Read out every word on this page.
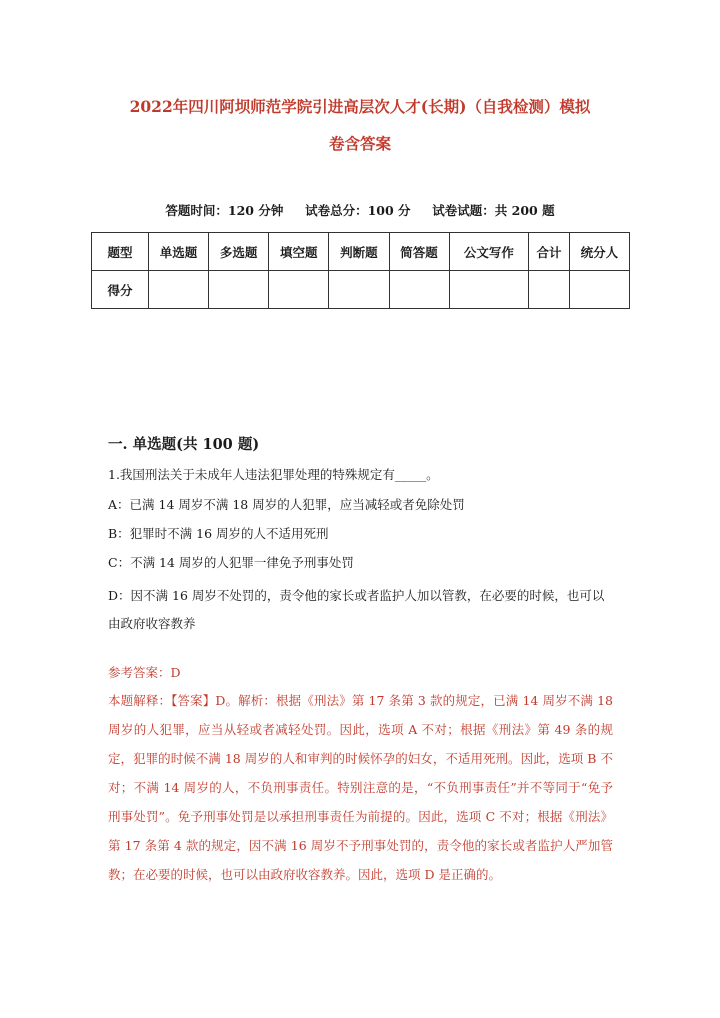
2022年四川阿坝师范学院引进高层次人才(长期)（自我检测）模拟
卷含答案
答题时间：120 分钟     试卷总分：100 分     试卷试题：共 200 题
题型	单选题	多选题	填空题	判断题	简答题	公文写作	合计	统分人
得分								
一. 单选题(共 100 题)
1.我国刑法关于未成年人违法犯罪处理的特殊规定有_____。
A：已满 14 周岁不满 18 周岁的人犯罪，应当减轻或者免除处罚
B：犯罪时不满 16 周岁的人不适用死刑
C：不满 14 周岁的人犯罪一律免予刑事处罚
D：因不满 16 周岁不处罚的，责令他的家长或者监护人加以管教，在必要的时候，也可以由政府收容教养
参考答案：D
本题解释：【答案】D。解析：根据《刑法》第 17 条第 3 款的规定，已满 14 周岁不满 18 周岁的人犯罪，应当从轻或者减轻处罚。因此，选项 A 不对；根据《刑法》第 49 条的规定，犯罪的时候不满 18 周岁的人和审判的时候怀孕的妇女，不适用死刑。因此，选项 B 不对；不满 14 周岁的人，不负刑事责任。特别注意的是，“不负刑事责任”并不等同于“免予刑事处罚”。免予刑事处罚是以承担刑事责任为前提的。因此，选项 C 不对；根据《刑法》第 17 条第 4 款的规定，因不满 16 周岁不予刑事处罚的，责令他的家长或者监护人严加管教；在必要的时候，也可以由政府收容教养。因此，选项 D 是正确的。
